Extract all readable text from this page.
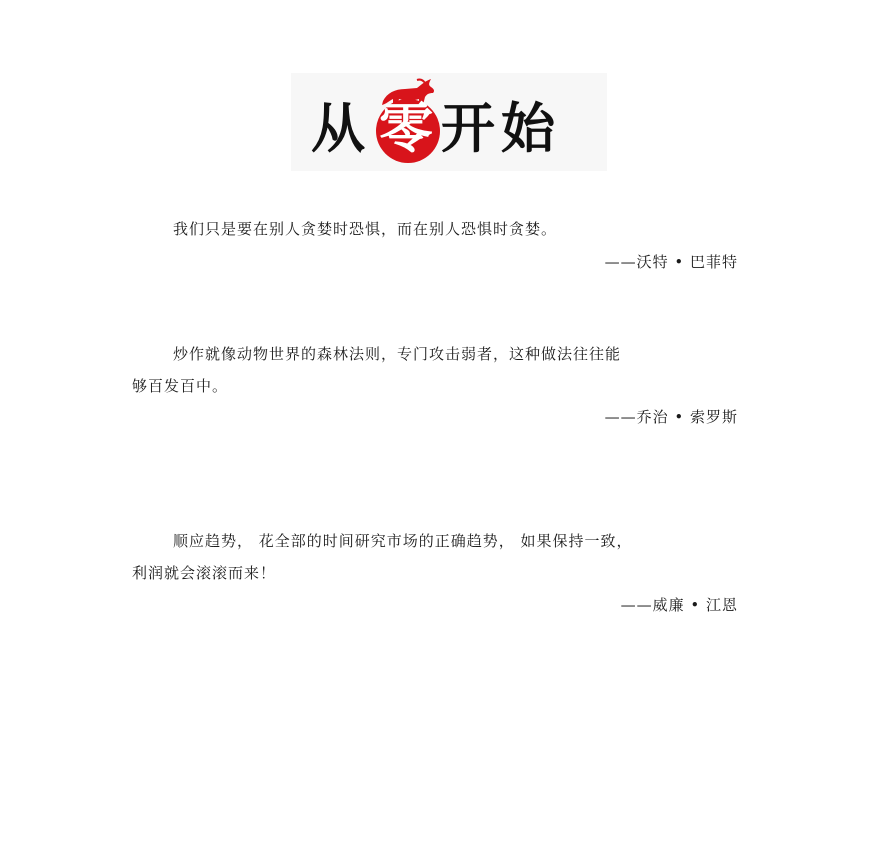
从 零 开始
我们只是要在别人贪婪时恐惧，而在别人恐惧时贪婪。
——沃特 • 巴菲特
炒作就像动物世界的森林法则，专门攻击弱者，这种做法往往能
够百发百中。
——乔治 • 索罗斯
顺应趋势， 花全部的时间研究市场的正确趋势， 如果保持一致，
利润就会滚滚而来！
——威廉 • 江恩
